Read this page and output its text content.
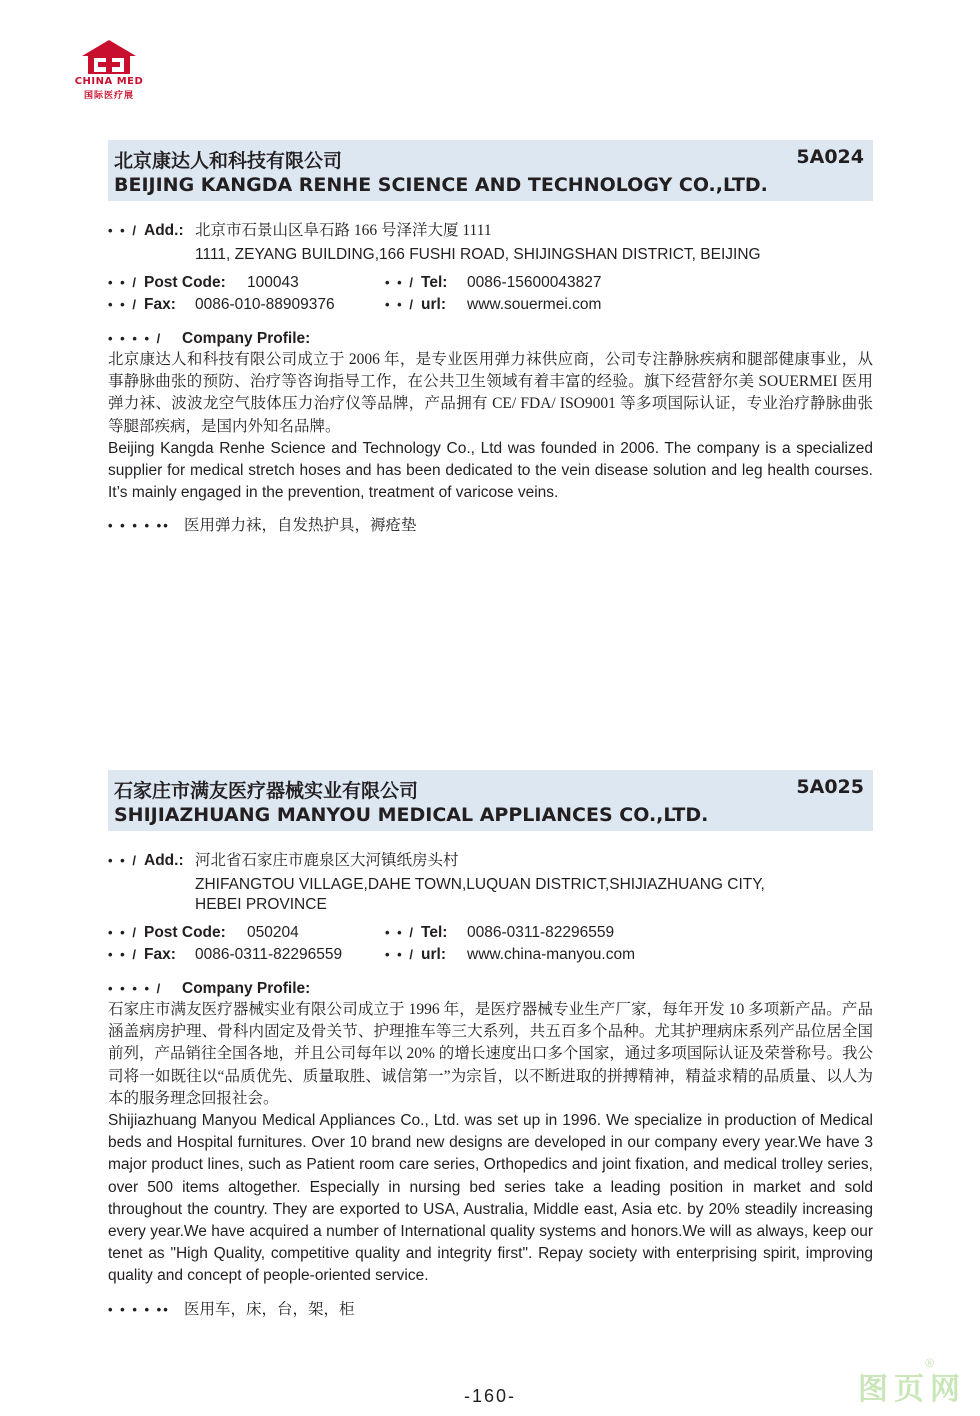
CHINA MED
国际医疗展
北京康达人和科技有限公司
BEIJING KANGDA RENHE SCIENCE AND TECHNOLOGY CO.,LTD.
5A024
• • / Add.: 北京市石景山区阜石路 166 号泽洋大厦 1111
1111, ZEYANG BUILDING,166 FUSHI ROAD, SHIJINGSHAN DISTRICT, BEIJING
• • / Post Code: 100043	• • / Tel: 0086-15600043827
• • / Fax: 0086-010-88909376	• • / url: www.souermei.com
• • • • / Company Profile:

北京康达人和科技有限公司成立于 2006 年，是专业医用弹力袜供应商，公司专注静脉疾病和腿部健康事业，从事静脉曲张的预防、治疗等咨询指导工作，在公共卫生领域有着丰富的经验。旗下经营舒尔美 SOUERMEI 医用弹力袜、波波龙空气肢体压力治疗仪等品牌，产品拥有 CE/ FDA/ ISO9001 等多项国际认证，专业治疗静脉曲张等腿部疾病，是国内外知名品牌。

Beijing Kangda Renhe Science and Technology Co., Ltd was founded in 2006. The company is a specialized supplier for medical stretch hoses and has been dedicated to the vein disease solution and leg health courses. It’s mainly engaged in the prevention, treatment of varicose veins.

• • • • •• 医用弹力袜，自发热护具，褥疮垫
石家庄市满友医疗器械实业有限公司
SHIJIAZHUANG MANYOU MEDICAL APPLIANCES CO.,LTD.
5A025
• • / Add.: 河北省石家庄市鹿泉区大河镇纸房头村
ZHIFANGTOU VILLAGE,DAHE TOWN,LUQUAN DISTRICT,SHIJIAZHUANG CITY,
HEBEI PROVINCE
• • / Post Code: 050204	• • / Tel: 0086-0311-82296559
• • / Fax: 0086-0311-82296559	• • / url: www.china-manyou.com
• • • • / Company Profile:

石家庄市满友医疗器械实业有限公司成立于 1996 年，是医疗器械专业生产厂家，每年开发 10 多项新产品。产品涵盖病房护理、骨科内固定及骨关节、护理推车等三大系列，共五百多个品种。尤其护理病床系列产品位居全国前列，产品销往全国各地，并且公司每年以 20% 的增长速度出口多个国家，通过多项国际认证及荣誉称号。我公司将一如既往以“品质优先、质量取胜、诚信第一”为宗旨，以不断进取的拼搏精神，精益求精的品质量、以人为本的服务理念回报社会。

Shijiazhuang Manyou Medical Appliances Co., Ltd. was set up in 1996. We specialize in production of Medical beds and Hospital furnitures. Over 10 brand new designs are developed in our company every year.We have 3 major product lines, such as Patient room care series, Orthopedics and joint fixation, and medical trolley series, over 500 items altogether. Especially in nursing bed series take a leading position in market and sold throughout the country. They are exported to USA, Australia, Middle east, Asia etc. by 20% steadily increasing every year.We have acquired a number of International quality systems and honors.We will as always, keep our tenet as "High Quality, competitive quality and integrity first". Repay society with enterprising spirit, improving quality and concept of people-oriented service.

• • • • •• 医用车，床，台，架，柜
-160-
®
图页网
